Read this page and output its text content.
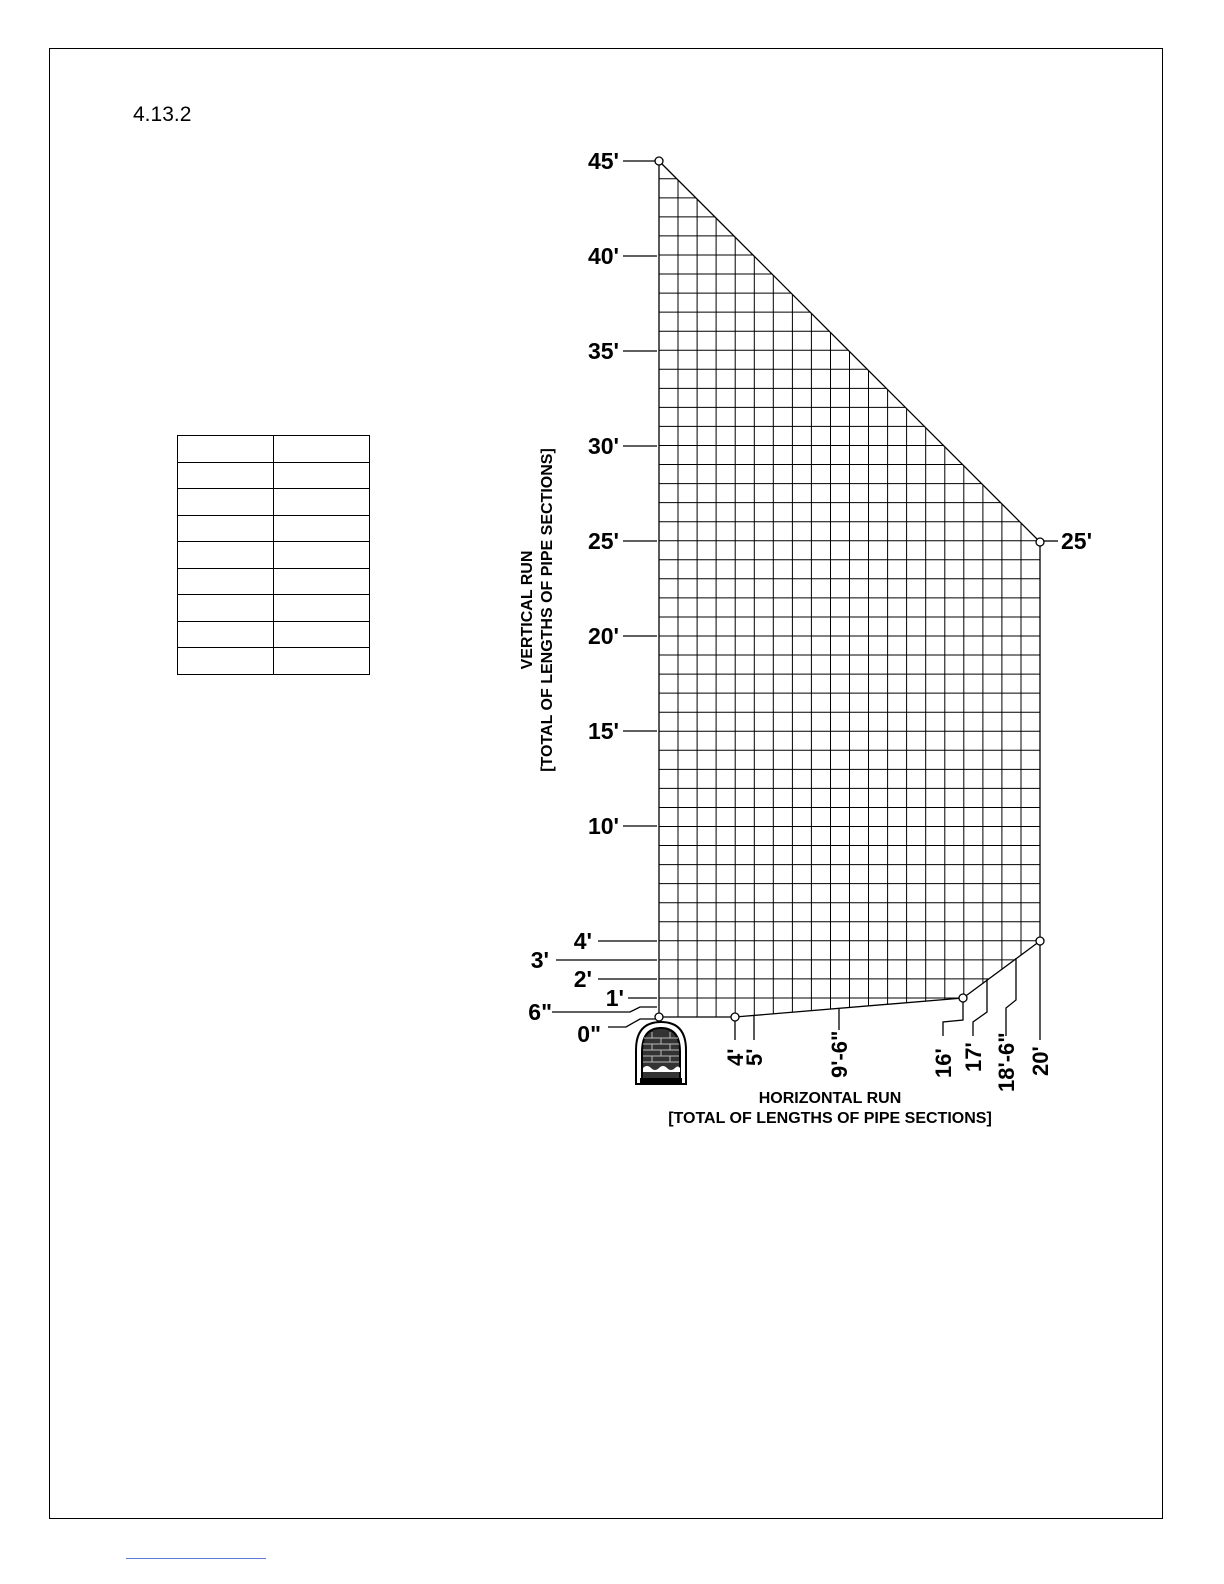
4.13.2

45'
40'
35'
30'
25'
20'
15'
10'
4'
3'
2'
1'
6"
0"
25'
VERTICAL RUN [TOTAL OF LENGTHS OF PIPE SECTIONS]
4'
5'	9'-6"	16' 17' 18'-6" 20'
HORIZONTAL RUN
[TOTAL OF LENGTHS OF PIPE SECTIONS]
